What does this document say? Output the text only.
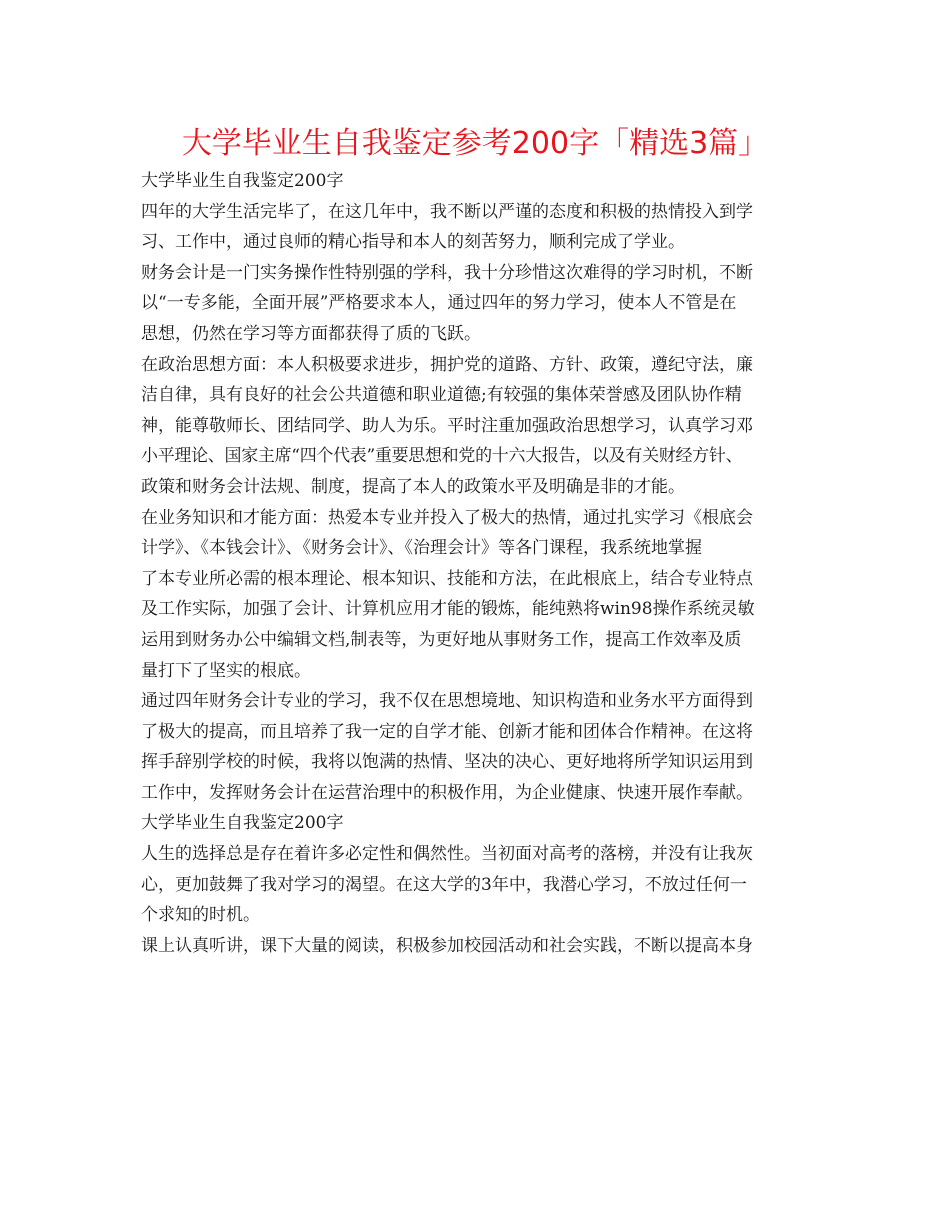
大学毕业生自我鉴定参考200字「精选3篇」
大学毕业生自我鉴定200字
四年的大学生活完毕了，在这几年中，我不断以严谨的态度和积极的热情投入到学
习、工作中，通过良师的精心指导和本人的刻苦努力，顺利完成了学业。
财务会计是一门实务操作性特别强的学科，我十分珍惜这次难得的学习时机，不断
以“一专多能，全面开展”严格要求本人，通过四年的努力学习，使本人不管是在
思想，仍然在学习等方面都获得了质的飞跃。
在政治思想方面：本人积极要求进步，拥护党的道路、方针、政策，遵纪守法，廉
洁自律，具有良好的社会公共道德和职业道德;有较强的集体荣誉感及团队协作精
神，能尊敬师长、团结同学、助人为乐。平时注重加强政治思想学习，认真学习邓
小平理论、国家主席“四个代表”重要思想和党的十六大报告，以及有关财经方针、
政策和财务会计法规、制度，提高了本人的政策水平及明确是非的才能。
在业务知识和才能方面：热爱本专业并投入了极大的热情，通过扎实学习《根底会
计学》、《本钱会计》、《财务会计》、《治理会计》等各门课程，我系统地掌握
了本专业所必需的根本理论、根本知识、技能和方法，在此根底上，结合专业特点
及工作实际，加强了会计、计算机应用才能的锻炼，能纯熟将win98操作系统灵敏
运用到财务办公中编辑文档,制表等，为更好地从事财务工作，提高工作效率及质
量打下了坚实的根底。
通过四年财务会计专业的学习，我不仅在思想境地、知识构造和业务水平方面得到
了极大的提高，而且培养了我一定的自学才能、创新才能和团体合作精神。在这将
挥手辞别学校的时候，我将以饱满的热情、坚决的决心、更好地将所学知识运用到
工作中，发挥财务会计在运营治理中的积极作用，为企业健康、快速开展作奉献。
大学毕业生自我鉴定200字
人生的选择总是存在着许多必定性和偶然性。当初面对高考的落榜，并没有让我灰
心，更加鼓舞了我对学习的渴望。在这大学的3年中，我潜心学习，不放过任何一
个求知的时机。
课上认真听讲，课下大量的阅读，积极参加校园活动和社会实践，不断以提高本身
